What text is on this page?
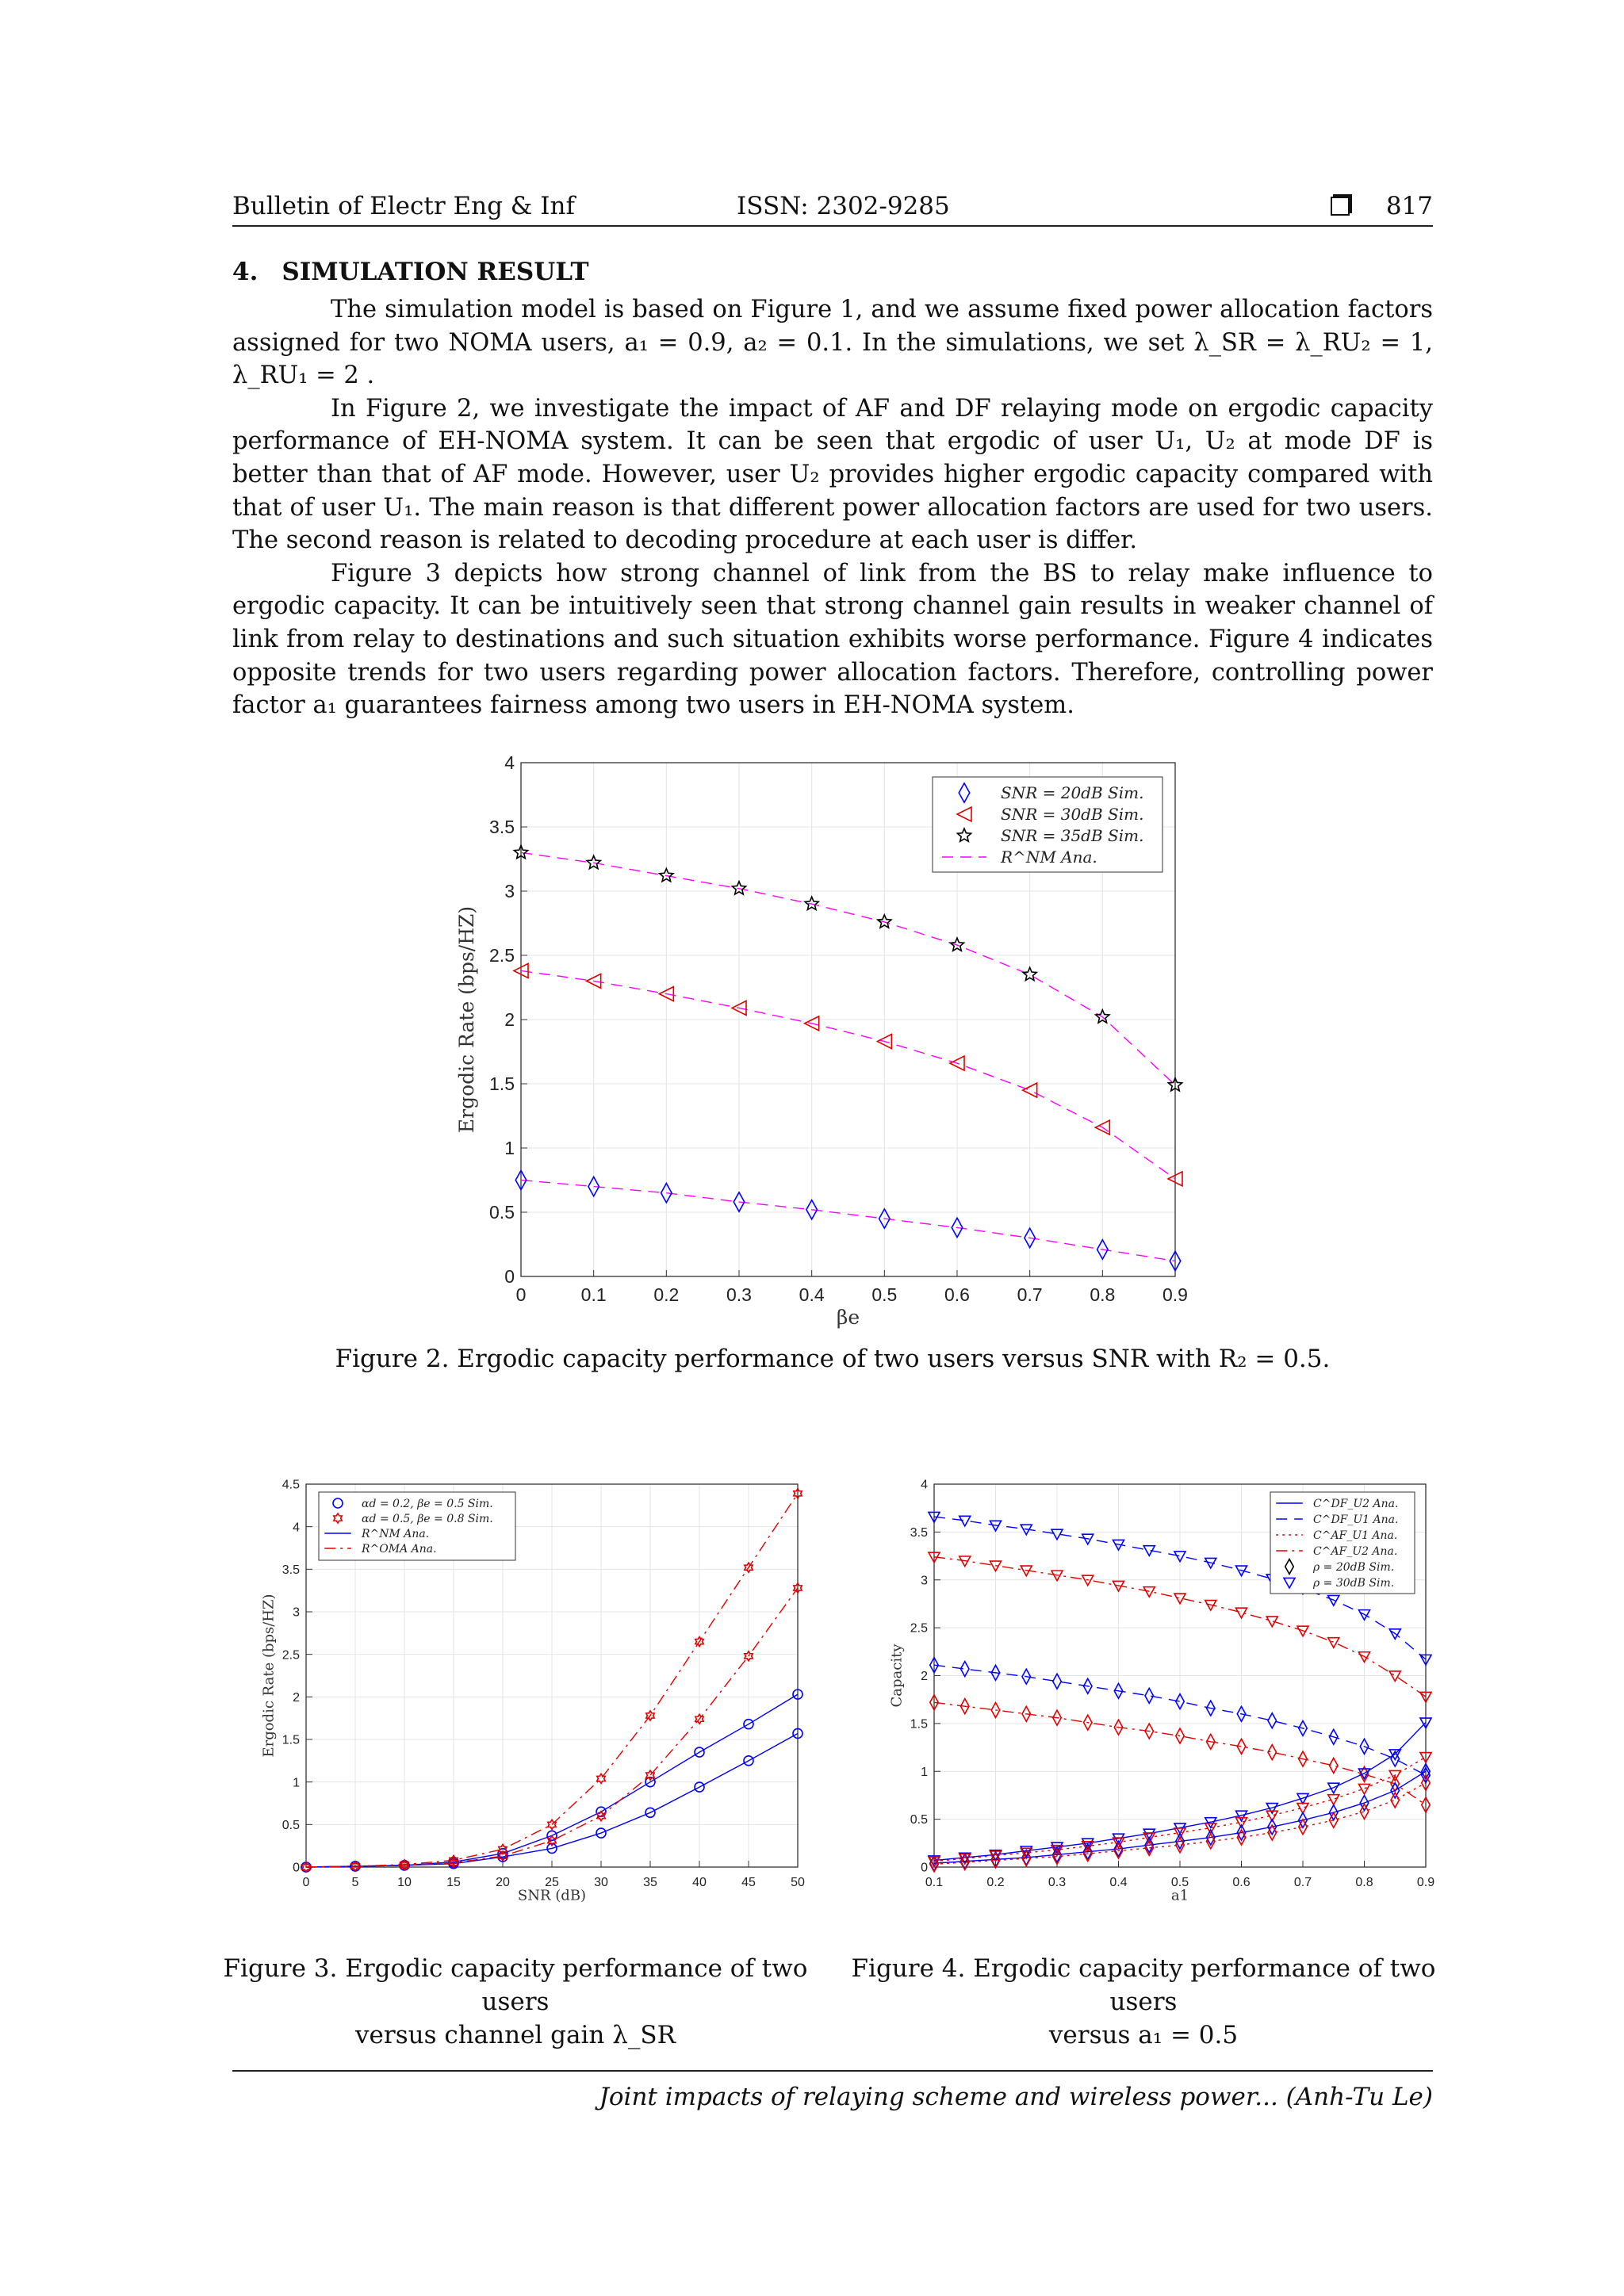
Bulletin of Electr Eng & Inf	ISSN: 2302-9285	817
4. SIMULATION RESULT

The simulation model is based on Figure 1, and we assume fixed power allocation factors assigned for two NOMA users, a₁ = 0.9, a₂ = 0.1. In the simulations, we set λ_SR = λ_RU₂ = 1, λ_RU₁ = 2 .

In Figure 2, we investigate the impact of AF and DF relaying mode on ergodic capacity performance of EH-NOMA system. It can be seen that ergodic of user U₁, U₂ at mode DF is better than that of AF mode. However, user U₂ provides higher ergodic capacity compared with that of user U₁. The main reason is that different power allocation factors are used for two users. The second reason is related to decoding procedure at each user is differ.

Figure 3 depicts how strong channel of link from the BS to relay make influence to ergodic capacity. It can be intuitively seen that strong channel gain results in weaker channel of link from relay to destinations and such situation exhibits worse performance. Figure 4 indicates opposite trends for two users regarding power allocation factors. Therefore, controlling power factor a₁ guarantees fairness among two users in EH-NOMA system.

0	0.1	0.2	0.3	0.4	0.5	0.6	0.7	0.8	0.9
0
0.5
1
1.5
2
2.5
3
3.5
4
βe
Ergodic Rate (bps/HZ)
SNR = 20dB Sim.
SNR = 30dB Sim.
SNR = 35dB Sim.
R^NM Ana.
Figure 2. Ergodic capacity performance of two users versus SNR with R₂ = 0.5.
0	5	10	15	20	25	30	35	40	45	50
0
0.5
1
1.5
2
2.5
3
3.5
4
4.5
SNR (dB)
Ergodic Rate (bps/HZ)
αd = 0.2, βe = 0.5 Sim.
αd = 0.5, βe = 0.8 Sim.
R^NM Ana.
R^OMA Ana.
Figure 3. Ergodic capacity performance of two users
versus channel gain λ_SR
0.1	0.2	0.3	0.4	0.5	0.6	0.7	0.8	0.9
0
0.5
1
1.5
2
2.5
3
3.5
4
a1
Capacity
C^DF_U2 Ana.
C^DF_U1 Ana.
C^AF_U1 Ana.
C^AF_U2 Ana.
ρ = 20dB Sim.
ρ = 30dB Sim.
Figure 4. Ergodic capacity performance of two users
versus a₁ = 0.5
Joint impacts of relaying scheme and wireless power... (Anh-Tu Le)
